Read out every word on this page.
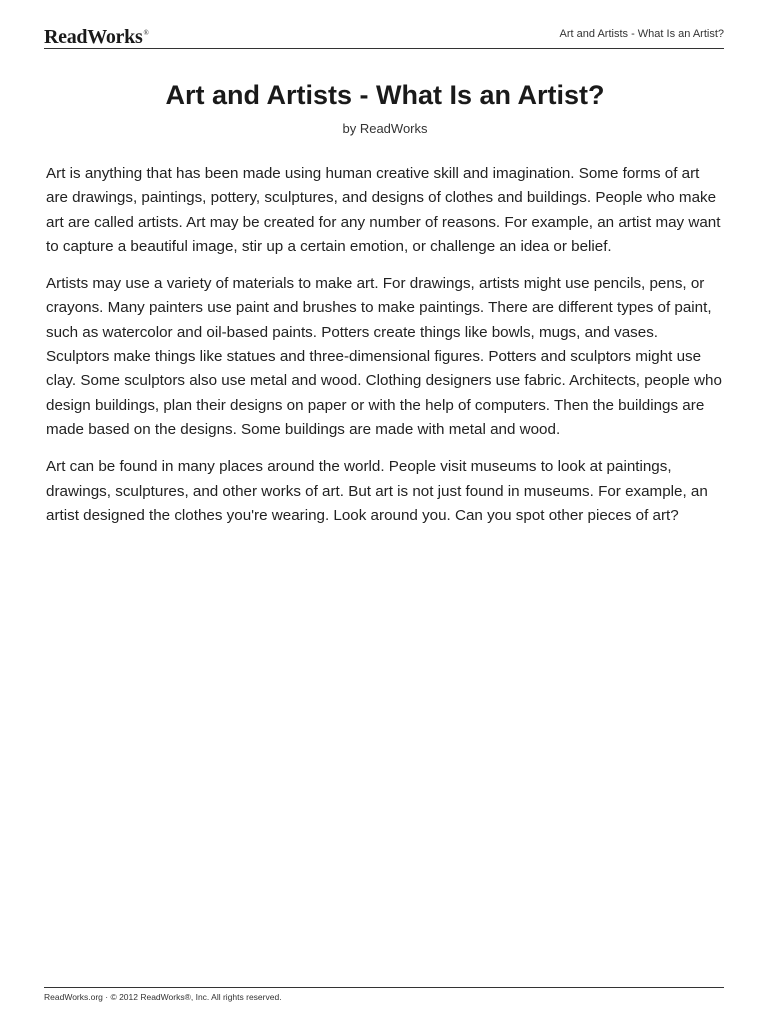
ReadWorks®	Art and Artists - What Is an Artist?
Art and Artists - What Is an Artist?
by ReadWorks

Art is anything that has been made using human creative skill and imagination. Some forms of art are drawings, paintings, pottery, sculptures, and designs of clothes and buildings. People who make art are called artists. Art may be created for any number of reasons. For example, an artist may want to capture a beautiful image, stir up a certain emotion, or challenge an idea or belief.

Artists may use a variety of materials to make art. For drawings, artists might use pencils, pens, or crayons. Many painters use paint and brushes to make paintings. There are different types of paint, such as watercolor and oil-based paints. Potters create things like bowls, mugs, and vases. Sculptors make things like statues and three-dimensional figures. Potters and sculptors might use clay. Some sculptors also use metal and wood. Clothing designers use fabric. Architects, people who design buildings, plan their designs on paper or with the help of computers. Then the buildings are made based on the designs. Some buildings are made with metal and wood.

Art can be found in many places around the world. People visit museums to look at paintings, drawings, sculptures, and other works of art. But art is not just found in museums. For example, an artist designed the clothes you're wearing. Look around you. Can you spot other pieces of art?

ReadWorks.org · © 2012 ReadWorks®, Inc. All rights reserved.
